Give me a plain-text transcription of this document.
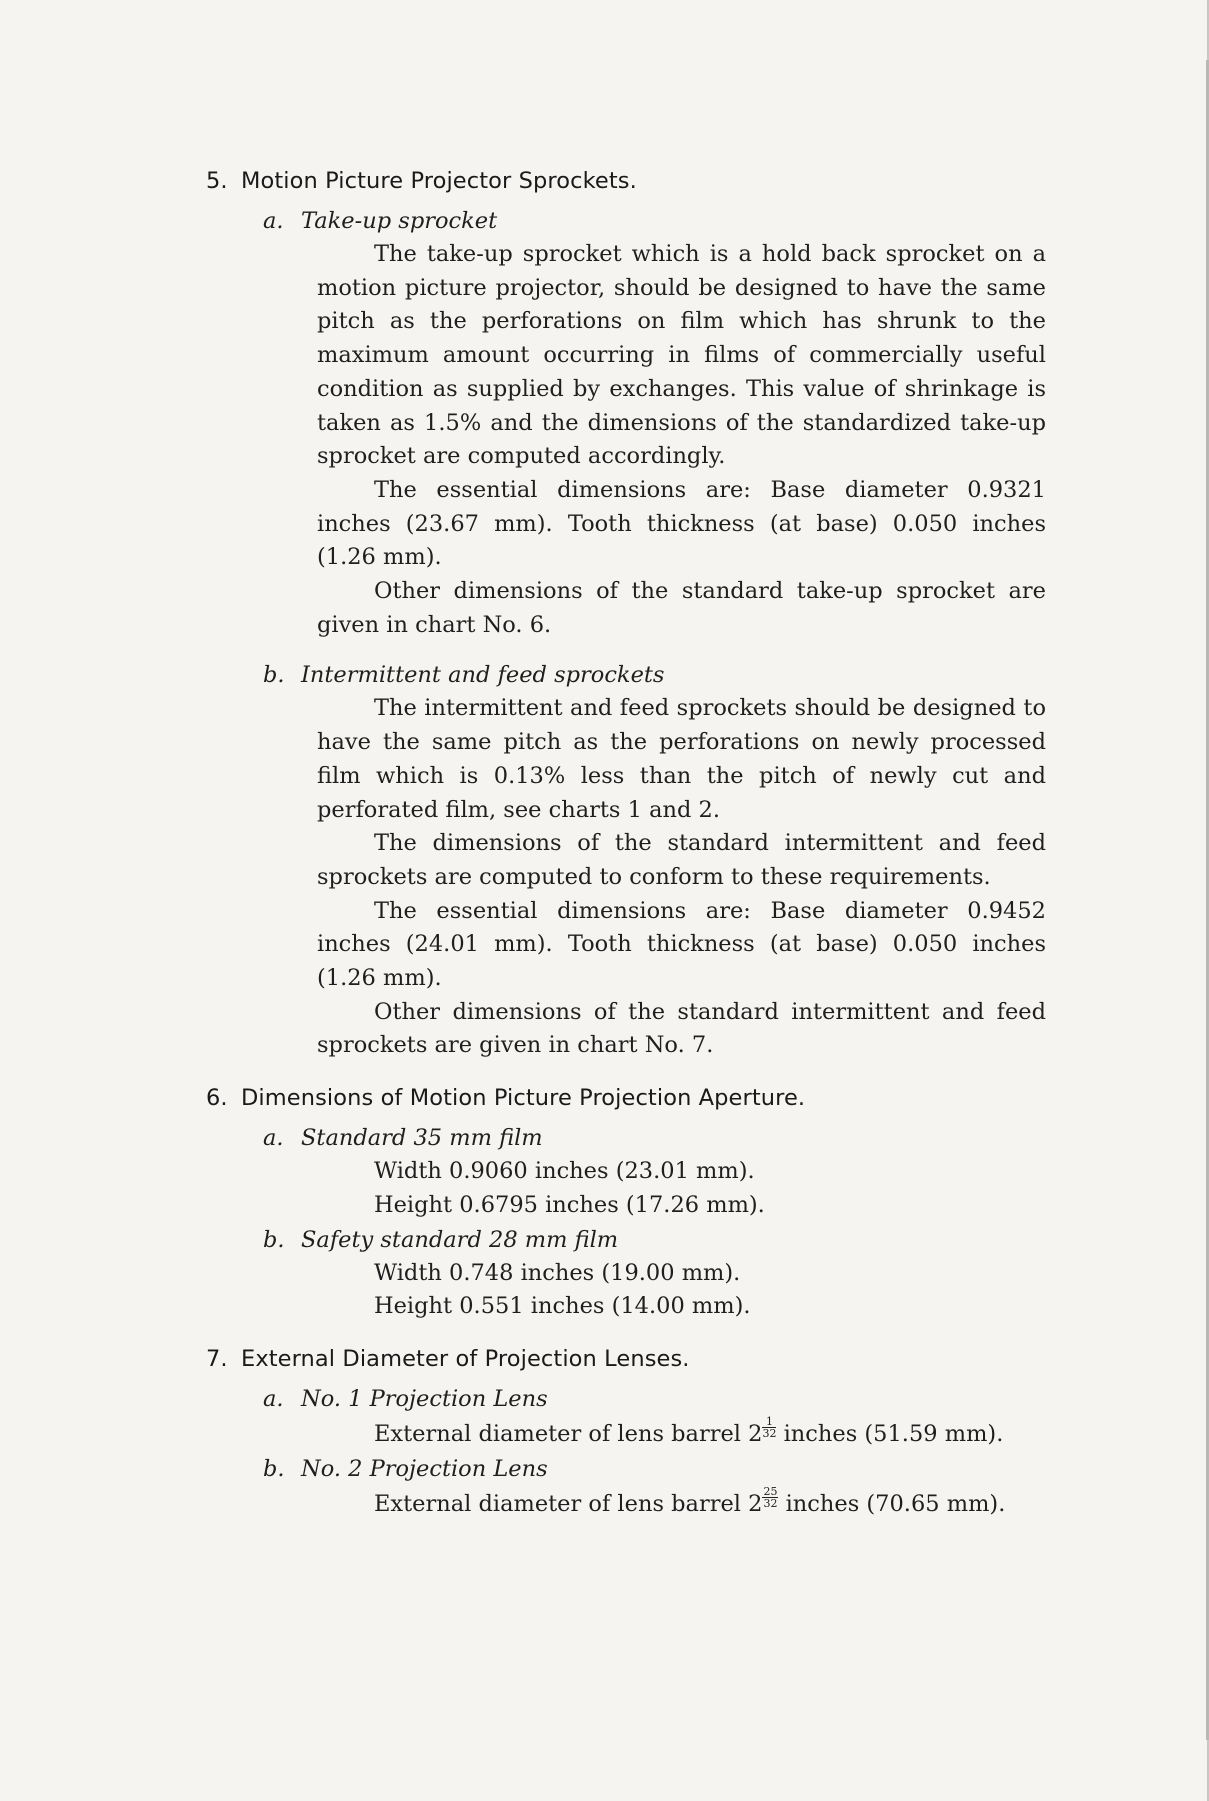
5. Motion Picture Projector Sprockets.
a. Take-up sprocket

The take-up sprocket which is a hold back sprocket on a motion picture projector, should be designed to have the same pitch as the perforations on film which has shrunk to the maximum amount occurring in films of commercially useful condition as supplied by exchanges. This value of shrinkage is taken as 1.5% and the dimensions of the standardized take-up sprocket are computed accordingly.

The essential dimensions are: Base diameter 0.9321 inches (23.67 mm). Tooth thickness (at base) 0.050 inches (1.26 mm).

Other dimensions of the standard take-up sprocket are given in chart No. 6.

b. Intermittent and feed sprockets

The intermittent and feed sprockets should be designed to have the same pitch as the perforations on newly processed film which is 0.13% less than the pitch of newly cut and perforated film, see charts 1 and 2.

The dimensions of the standard intermittent and feed sprockets are computed to conform to these requirements.

The essential dimensions are: Base diameter 0.9452 inches (24.01 mm). Tooth thickness (at base) 0.050 inches (1.26 mm).

Other dimensions of the standard intermittent and feed sprockets are given in chart No. 7.

6. Dimensions of Motion Picture Projection Aperture.
a. Standard 35 mm film

Width 0.9060 inches (23.01 mm).

Height 0.6795 inches (17.26 mm).

b. Safety standard 28 mm film

Width 0.748 inches (19.00 mm).

Height 0.551 inches (14.00 mm).

7. External Diameter of Projection Lenses.
a. No. 1 Projection Lens

External diameter of lens barrel $2 \frac{1}{32}$ inches (51.59 mm).

b. No. 2 Projection Lens

External diameter of lens barrel $2 \frac{25}{32}$ inches (70.65 mm).
